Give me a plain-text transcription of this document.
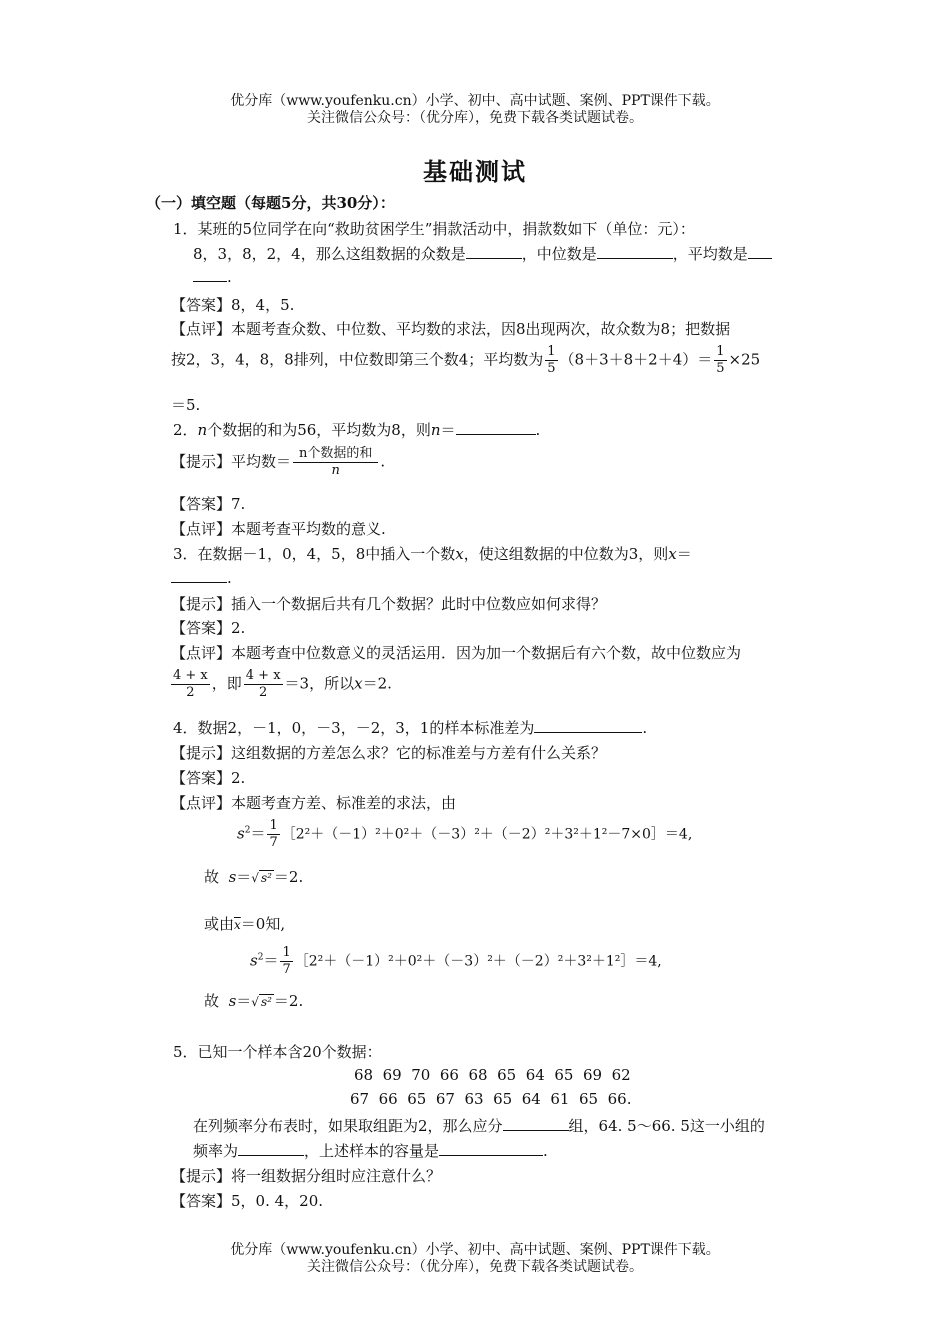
优分库（www.youfenku.cn）小学、初中、高中试题、案例、PPT课件下载。
关注微信公众号：（优分库），免费下载各类试题试卷。
基础测试
（一）填空题（每题5分，共30分）：
1．某班的5位同学在向“救助贫困学生”捐款活动中，捐款数如下（单位：元）：
8，3，8，2，4，那么这组数据的众数是	，中位数是	，平均数是
.
【答案】8，4，5.
【点评】本题考查众数、中位数、平均数的求法，因8出现两次，故众数为8；把数据
按2，3，4，8，8排列，中位数即第三个数4；平均数为 $\frac{1}{5} (8+3+8+2+4)= \frac{1}{5} \times 25$
＝5.
2．n个数据的和为56，平均数为8，则n＝	.
【提示】平均数＝ $\frac{\text{n个数据的和}}{n}$ .
【答案】7.
【点评】本题考查平均数的意义.
3．在数据－1，0，4，5，8中插入一个数x，使这组数据的中位数为3，则x＝
.
【提示】插入一个数据后共有几个数据？此时中位数应如何求得？
【答案】2.
【点评】本题考查中位数意义的灵活运用．因为加一个数据后有六个数，故中位数应为
$\frac{4 + x}{2}$ ，即 $\frac{4 + x}{2} =3$，所以x＝2.
4．数据2，－1，0，－3，－2，3，1的样本标准差为	.
【提示】这组数据的方差怎么求？它的标准差与方差有什么关系？
【答案】2.
【点评】本题考查方差、标准差的求法，由
$s^2= \frac{1}{7}$ ［2²＋（－1）²＋0²＋（－3）²＋（－2）²＋3²＋1²－7×0］＝4,
故 s＝√ s² ＝2.
或由$\overline{x}=0$知,
$s^2= \frac{1}{7}$ ［2²＋（－1）²＋0²＋（－3）²＋（－2）²＋3²＋1²］＝4,
故 s＝√ s² ＝2.
5．已知一个样本含20个数据：
68  69  70  66  68  65  64  65  69  62
67  66  65  67  63  65  64  61  65  66.
在列频率分布表时，如果取组距为2，那么应分	组，64. 5～66. 5这一小组的
频率为	，上述样本的容量是	.
【提示】将一组数据分组时应注意什么？
【答案】5，0. 4，20.
优分库（www.youfenku.cn）小学、初中、高中试题、案例、PPT课件下载。
关注微信公众号：（优分库），免费下载各类试题试卷。
